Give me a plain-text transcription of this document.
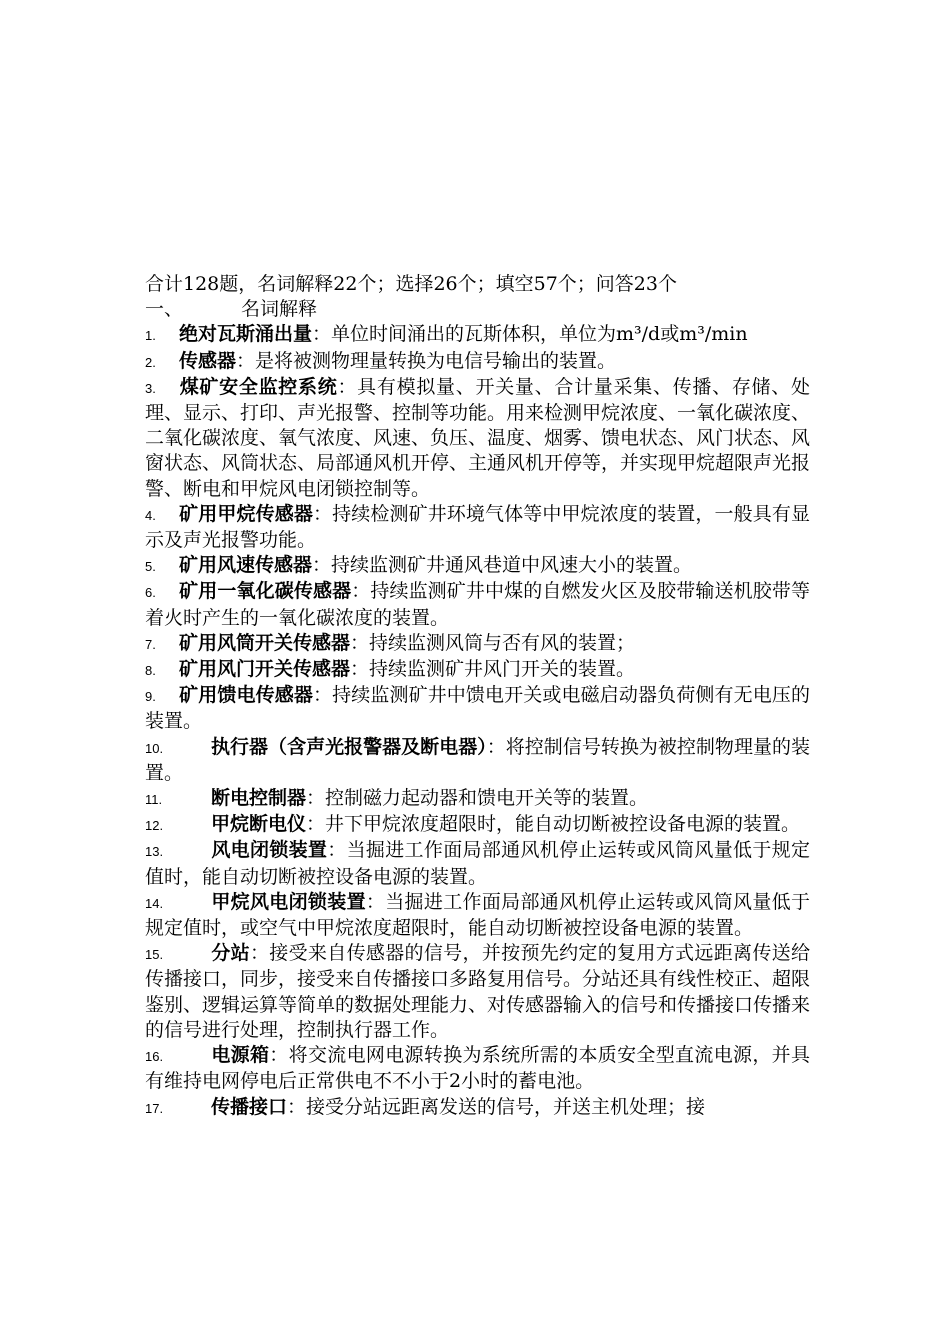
合计128题，名词解释22个；选择26个；填空57个；问答23个
一、	名词解释
1. 绝对瓦斯涌出量：单位时间涌出的瓦斯体积，单位为m³/d或m³/min
2. 传感器：是将被测物理量转换为电信号输出的装置。
3. 煤矿安全监控系统：具有模拟量、开关量、合计量采集、传播、存储、处理、显示、打印、声光报警、控制等功能。用来检测甲烷浓度、一氧化碳浓度、二氧化碳浓度、氧气浓度、风速、负压、温度、烟雾、馈电状态、风门状态、风窗状态、风筒状态、局部通风机开停、主通风机开停等，并实现甲烷超限声光报警、断电和甲烷风电闭锁控制等。
4. 矿用甲烷传感器：持续检测矿井环境气体等中甲烷浓度的装置，一般具有显示及声光报警功能。
5. 矿用风速传感器：持续监测矿井通风巷道中风速大小的装置。
6. 矿用一氧化碳传感器：持续监测矿井中煤的自燃发火区及胶带输送机胶带等着火时产生的一氧化碳浓度的装置。
7. 矿用风筒开关传感器：持续监测风筒与否有风的装置；
8. 矿用风门开关传感器：持续监测矿井风门开关的装置。
9. 矿用馈电传感器：持续监测矿井中馈电开关或电磁启动器负荷侧有无电压的装置。
10.	执行器（含声光报警器及断电器）：将控制信号转换为被控制物理量的装置。
11.	断电控制器：控制磁力起动器和馈电开关等的装置。
12.	甲烷断电仪：井下甲烷浓度超限时，能自动切断被控设备电源的装置。
13.	风电闭锁装置：当掘进工作面局部通风机停止运转或风筒风量低于规定值时，能自动切断被控设备电源的装置。
14.	甲烷风电闭锁装置：当掘进工作面局部通风机停止运转或风筒风量低于规定值时，或空气中甲烷浓度超限时，能自动切断被控设备电源的装置。
15.	分站：接受来自传感器的信号，并按预先约定的复用方式远距离传送给传播接口，同步，接受来自传播接口多路复用信号。分站还具有线性校正、超限鉴别、逻辑运算等简单的数据处理能力、对传感器输入的信号和传播接口传播来的信号进行处理，控制执行器工作。
16.	电源箱：将交流电网电源转换为系统所需的本质安全型直流电源，并具有维持电网停电后正常供电不不小于2小时的蓄电池。
17.	传播接口：接受分站远距离发送的信号，并送主机处理；接
